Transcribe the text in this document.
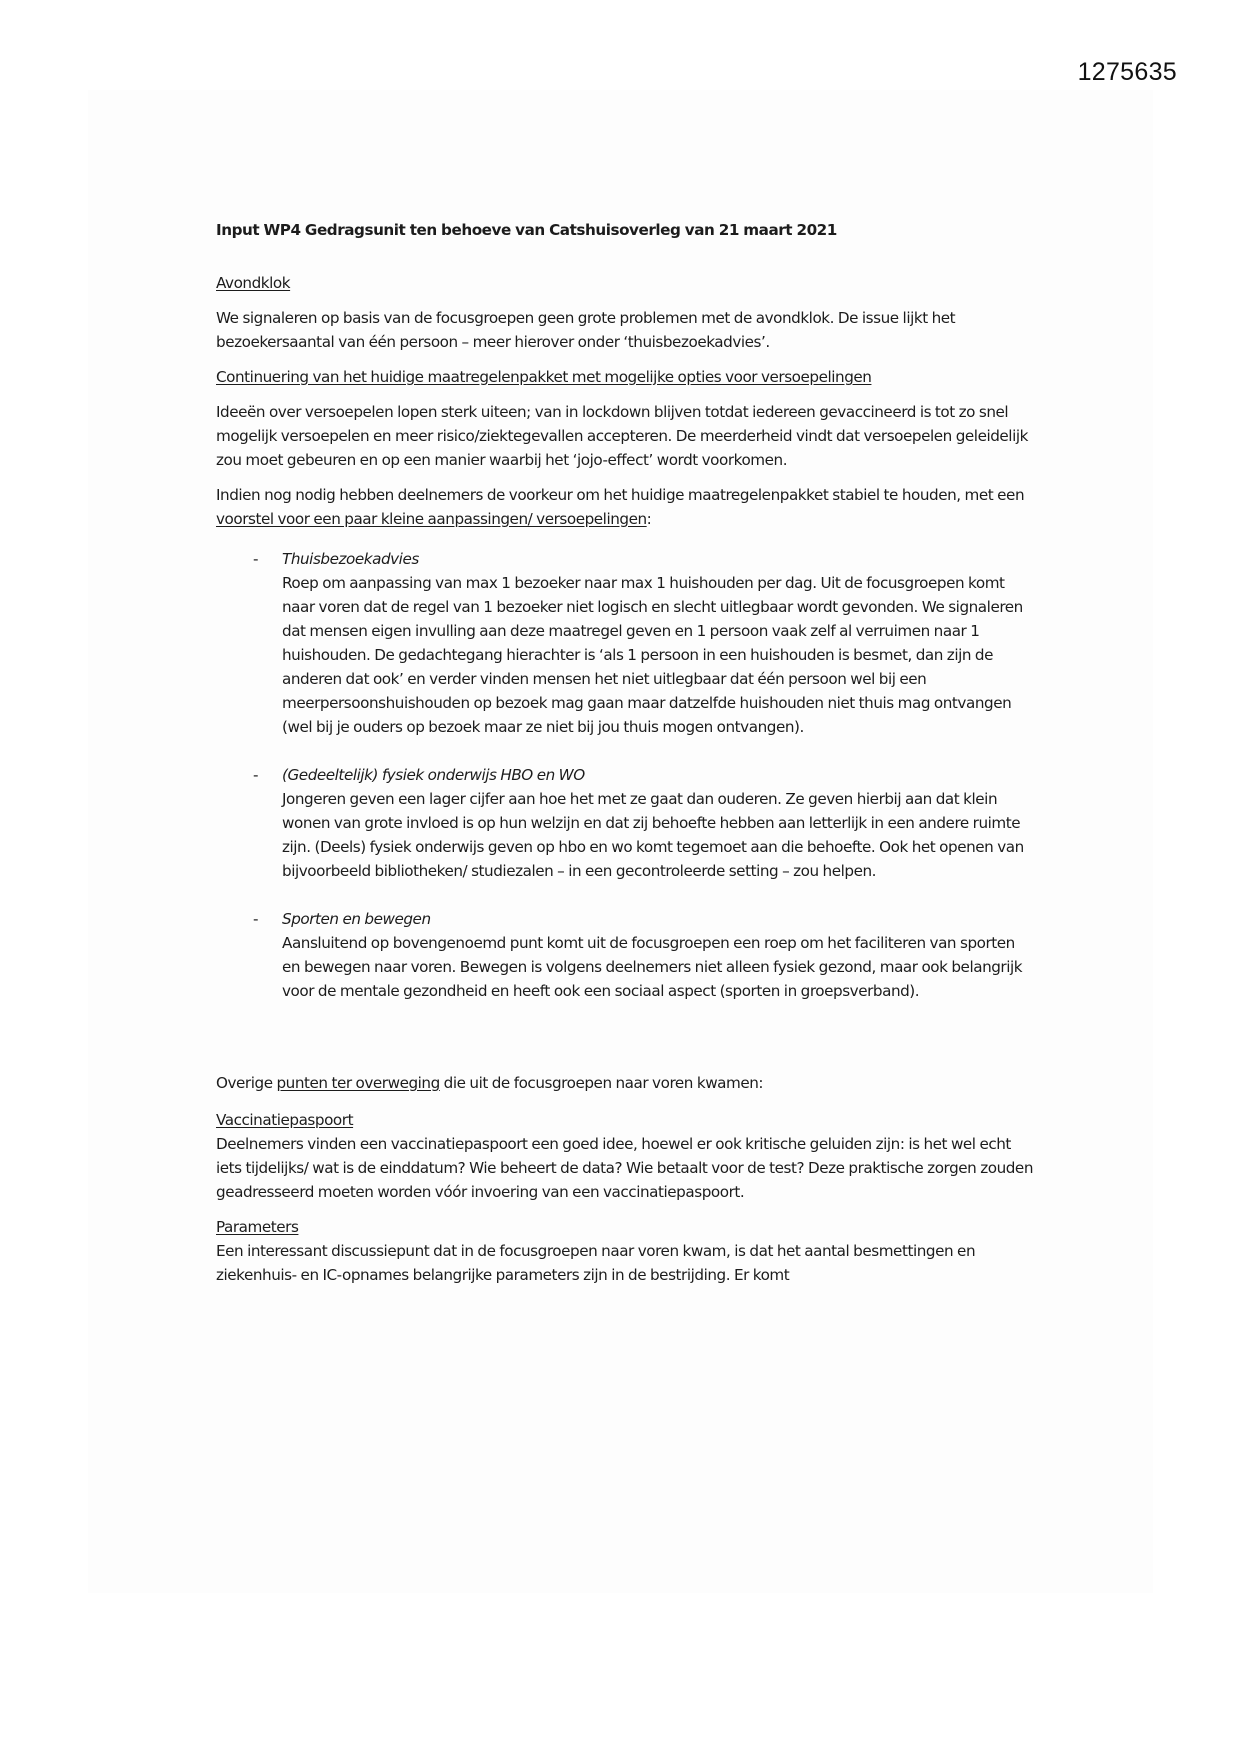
1275635
Input WP4 Gedragsunit ten behoeve van Catshuisoverleg van 21 maart 2021
Avondklok
We signaleren op basis van de focusgroepen geen grote problemen met de avondklok. De issue lijkt het bezoekersaantal van één persoon – meer hierover onder ‘thuisbezoekadvies’.
Continuering van het huidige maatregelenpakket met mogelijke opties voor versoepelingen
Ideeën over versoepelen lopen sterk uiteen; van in lockdown blijven totdat iedereen gevaccineerd is tot zo snel mogelijk versoepelen en meer risico/ziektegevallen accepteren. De meerderheid vindt dat versoepelen geleidelijk zou moet gebeuren en op een manier waarbij het ‘jojo-effect’ wordt voorkomen.
Indien nog nodig hebben deelnemers de voorkeur om het huidige maatregelenpakket stabiel te houden, met een voorstel voor een paar kleine aanpassingen/ versoepelingen:
- Thuisbezoekadvies
Roep om aanpassing van max 1 bezoeker naar max 1 huishouden per dag. Uit de focusgroepen komt naar voren dat de regel van 1 bezoeker niet logisch en slecht uitlegbaar wordt gevonden. We signaleren dat mensen eigen invulling aan deze maatregel geven en 1 persoon vaak zelf al verruimen naar 1 huishouden. De gedachtegang hierachter is ‘als 1 persoon in een huishouden is besmet, dan zijn de anderen dat ook’ en verder vinden mensen het niet uitlegbaar dat één persoon wel bij een meerpersoonshuishouden op bezoek mag gaan maar datzelfde huishouden niet thuis mag ontvangen (wel bij je ouders op bezoek maar ze niet bij jou thuis mogen ontvangen).
- (Gedeeltelijk) fysiek onderwijs HBO en WO
Jongeren geven een lager cijfer aan hoe het met ze gaat dan ouderen. Ze geven hierbij aan dat klein wonen van grote invloed is op hun welzijn en dat zij behoefte hebben aan letterlijk in een andere ruimte zijn. (Deels) fysiek onderwijs geven op hbo en wo komt tegemoet aan die behoefte. Ook het openen van bijvoorbeeld bibliotheken/ studiezalen – in een gecontroleerde setting – zou helpen.
- Sporten en bewegen
Aansluitend op bovengenoemd punt komt uit de focusgroepen een roep om het faciliteren van sporten en bewegen naar voren. Bewegen is volgens deelnemers niet alleen fysiek gezond, maar ook belangrijk voor de mentale gezondheid en heeft ook een sociaal aspect (sporten in groepsverband).
Overige punten ter overweging die uit de focusgroepen naar voren kwamen:
Vaccinatiepaspoort
Deelnemers vinden een vaccinatiepaspoort een goed idee, hoewel er ook kritische geluiden zijn: is het wel echt iets tijdelijks/ wat is de einddatum? Wie beheert de data? Wie betaalt voor de test? Deze praktische zorgen zouden geadresseerd moeten worden vóór invoering van een vaccinatiepaspoort.
Parameters
Een interessant discussiepunt dat in de focusgroepen naar voren kwam, is dat het aantal besmettingen en ziekenhuis- en IC-opnames belangrijke parameters zijn in de bestrijding. Er komt
